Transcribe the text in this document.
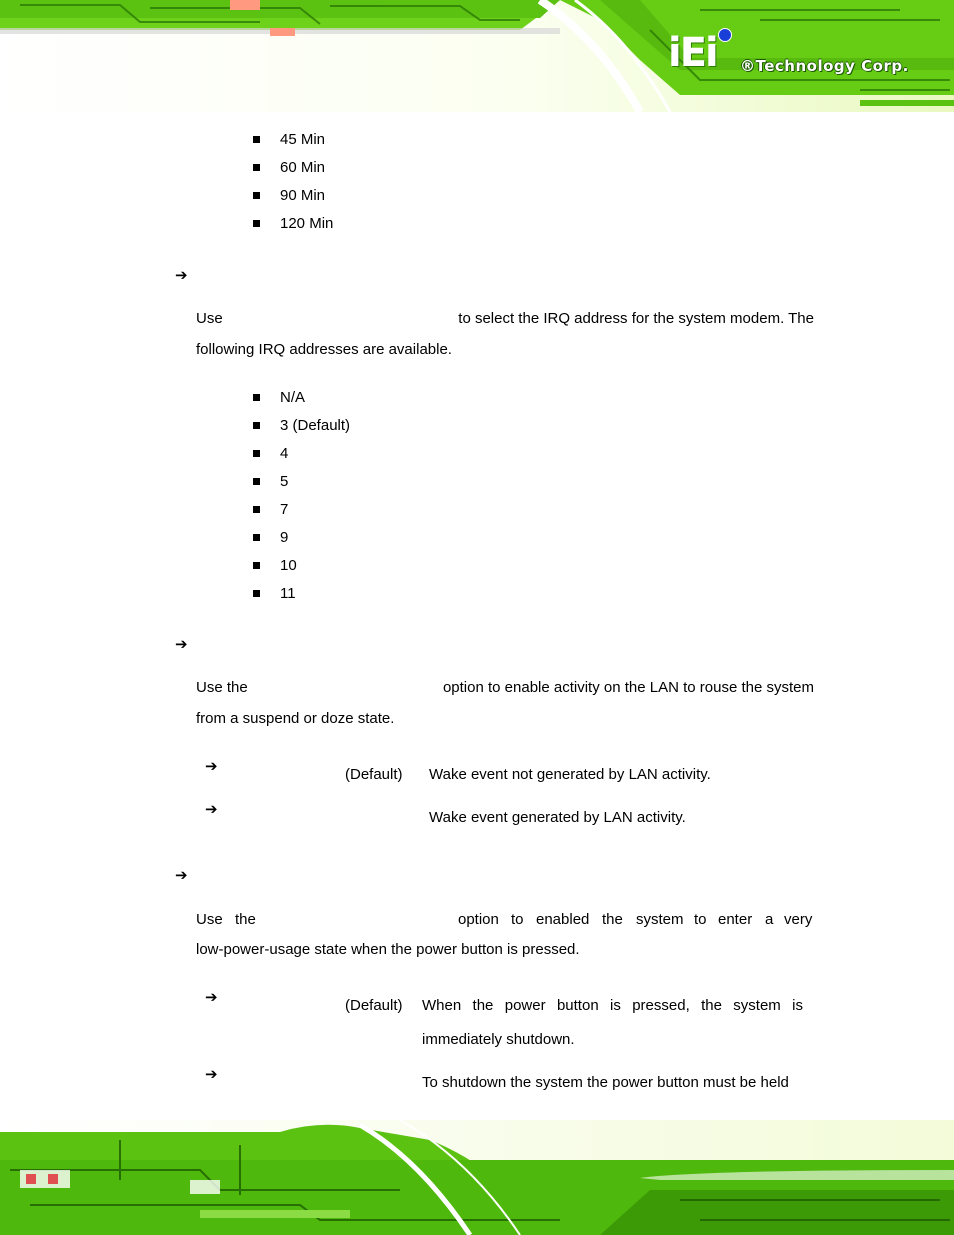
iEi ®Technology Corp.
45 Min
60 Min
90 Min
120 Min
➔
Use	to select the IRQ address for the system modem. The
following IRQ addresses are available.
N/A
3 (Default)
4
5
7
9
10
11
➔
Use the	option to enable activity on the LAN to rouse the system
from a suspend or doze state.
➔	(Default) Wake event not generated by LAN activity.
➔	Wake event generated by LAN activity.
➔
Use the	option to enabled the system to enter a very
low-power-usage state when the power button is pressed.
➔	(Default) When the power button is pressed, the system is
immediately shutdown.
➔	To shutdown the system the power button must be held
